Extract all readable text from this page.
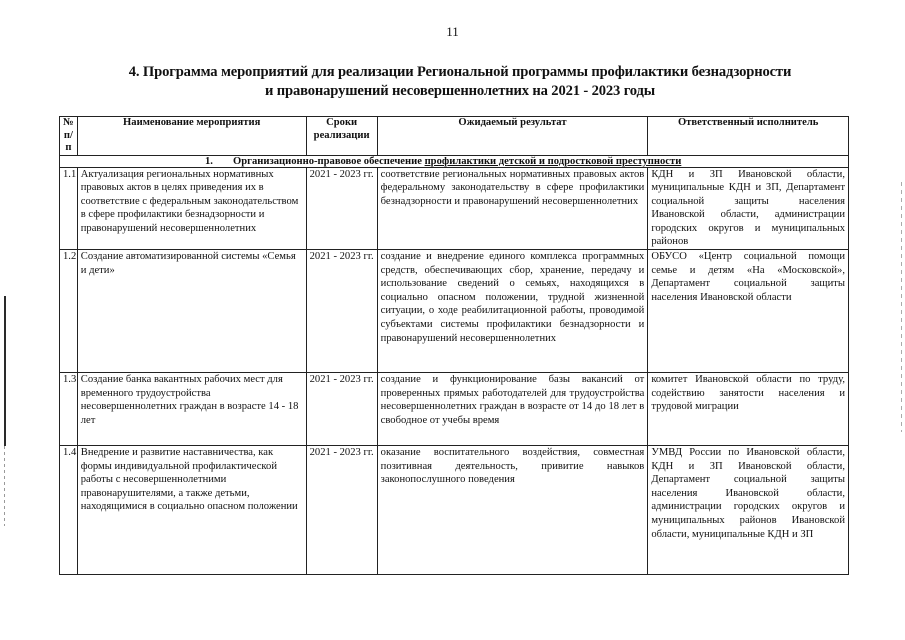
11
4. Программа мероприятий для реализации Региональной программы профилактики безнадзорности
и правонарушений несовершеннолетних на 2021 - 2023 годы
№ п/п	Наименование мероприятия	Сроки реализации	Ожидаемый результат	Ответственный исполнитель

1. Организационно-правовое обеспечение профилактики детской и подростковой преступности				

1.1	Актуализация региональных нормативных правовых актов в целях приведения их в соответствие с федеральным законодательством в сфере профилактики безнадзорности и правонарушений несовершеннолетних	2021 - 2023 гг.	соответствие региональных нормативных правовых актов федеральному законодательству в сфере профилактики безнадзорности и правонарушений несовершеннолетних	КДН и ЗП Ивановской области, муниципальные КДН и ЗП, Департамент социальной защиты населения Ивановской области, администрации городских округов и муниципальных районов
1.2	Создание автоматизированной системы «Семья и дети»	2021 - 2023 гг.	создание и внедрение единого комплекса программных средств, обеспечивающих сбор, хранение, передачу и использование сведений о семьях, находящихся в социально опасном положении, трудной жизненной ситуации, о ходе реабилитационной работы, проводимой субъектами системы профилактики безнадзорности и правонарушений несовершеннолетних	ОБУСО «Центр социальной помощи семье и детям «На «Московской», Департамент социальной защиты населения Ивановской области
1.3	Создание банка вакантных рабочих мест для временного трудоустройства несовершеннолетних граждан в возрасте 14 - 18 лет	2021 - 2023 гг.	создание и функционирование базы вакансий от проверенных прямых работодателей для трудоустройства несовершеннолетних граждан в возрасте от 14 до 18 лет в свободное от учебы время	комитет Ивановской области по труду, содействию занятости населения и трудовой миграции
1.4	Внедрение и развитие наставничества, как формы индивидуальной профилактической работы с несовершеннолетними правонарушителями, а также детьми, находящимися в социально опасном положении	2021 - 2023 гг.	оказание воспитательного воздействия, совместная позитивная деятельность, привитие навыков законопослушного поведения	УМВД России по Ивановской области, КДН и ЗП Ивановской области, Департамент социальной защиты населения Ивановской области, администрации городских округов и муниципальных районов Ивановской области, муниципальные КДН и ЗП
